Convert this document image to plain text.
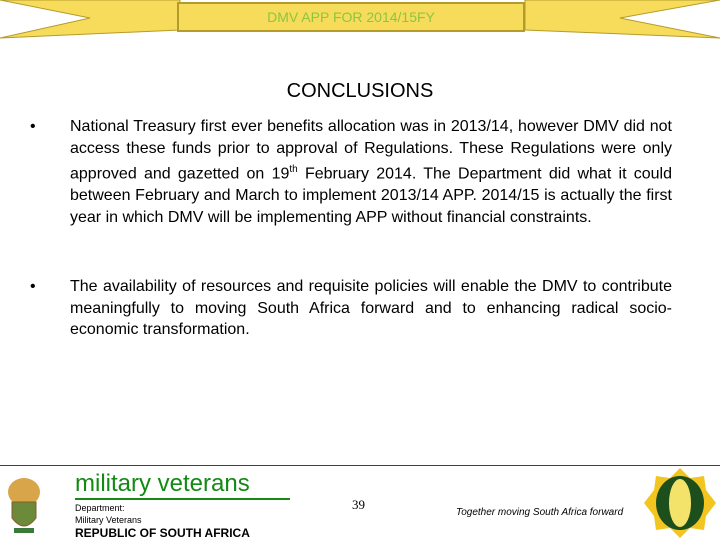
DMV APP FOR 2014/15FY
CONCLUSIONS
• National Treasury first ever benefits allocation was in 2013/14, however DMV did not access these funds prior to approval of Regulations. These Regulations were only approved and gazetted on 19th February 2014. The Department did what it could between February and March to implement 2013/14 APP. 2014/15 is actually the first year in which DMV will be implementing APP without financial constraints.
• The availability of resources and requisite policies will enable the DMV to contribute meaningfully to moving South Africa forward and to enhancing radical socio-economic transformation.
military veterans
Department:
Military Veterans
REPUBLIC OF SOUTH AFRICA
39
Together moving South Africa forward
